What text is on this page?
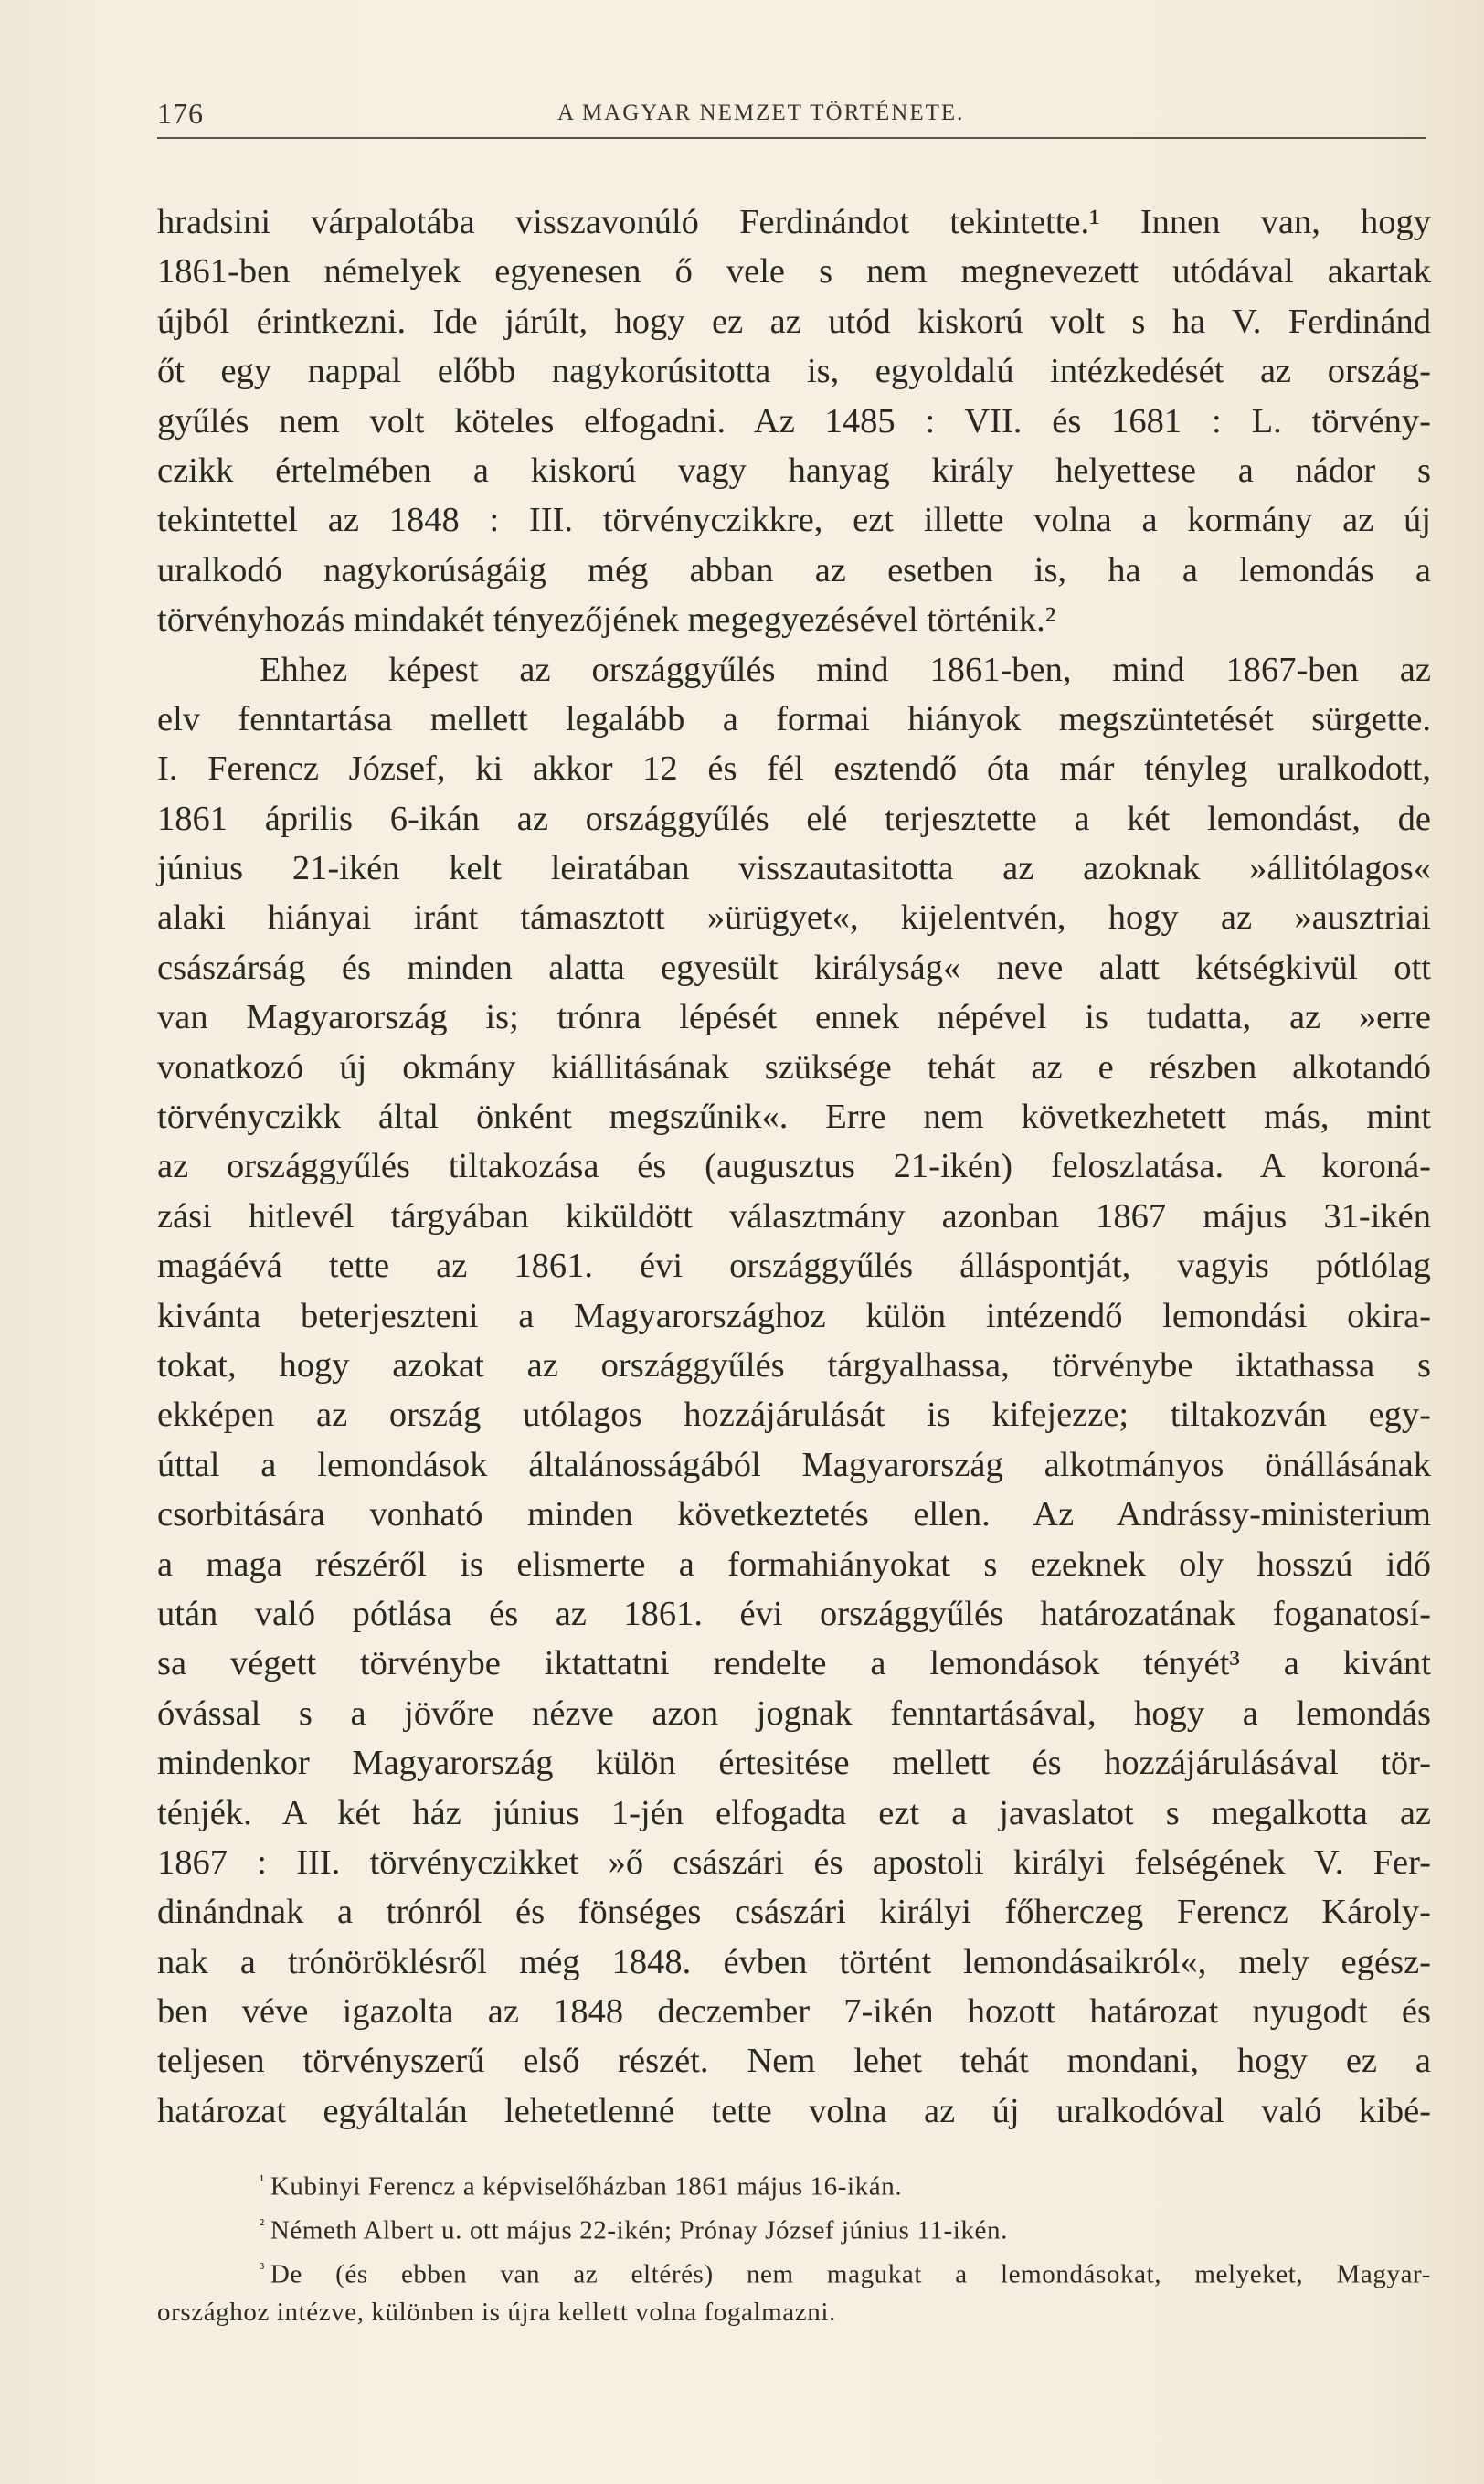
176	A MAGYAR NEMZET TÖRTÉNETE.
hradsini várpalotába visszavonúló Ferdinándot tekintette.¹ Innen van, hogy
1861-ben némelyek egyenesen ő vele s nem megnevezett utódával akartak
újból érintkezni. Ide járúlt, hogy ez az utód kiskorú volt s ha V. Ferdinánd
őt egy nappal előbb nagykorúsitotta is, egyoldalú intézkedését az ország-
gyűlés nem volt köteles elfogadni. Az 1485 : VII. és 1681 : L. törvény-
czikk értelmében a kiskorú vagy hanyag király helyettese a nádor s
tekintettel az 1848 : III. törvényczikkre, ezt illette volna a kormány az új
uralkodó nagykorúságáig még abban az esetben is, ha a lemondás a
törvényhozás mindakét tényezőjének megegyezésével történik.²
Ehhez képest az országgyűlés mind 1861-ben, mind 1867-ben az
elv fenntartása mellett legalább a formai hiányok megszüntetését sürgette.
I. Ferencz József, ki akkor 12 és fél esztendő óta már tényleg uralkodott,
1861 április 6-ikán az országgyűlés elé terjesztette a két lemondást, de
június 21-ikén kelt leiratában visszautasitotta az azoknak »állitólagos«
alaki hiányai iránt támasztott »ürügyet«, kijelentvén, hogy az »ausztriai
császárság és minden alatta egyesült királyság« neve alatt kétségkivül ott
van Magyarország is; trónra lépését ennek népével is tudatta, az »erre
vonatkozó új okmány kiállitásának szüksége tehát az e részben alkotandó
törvényczikk által önként megszűnik«. Erre nem következhetett más, mint
az országgyűlés tiltakozása és (augusztus 21-ikén) feloszlatása. A koroná-
zási hitlevél tárgyában kiküldött választmány azonban 1867 május 31-ikén
magáévá tette az 1861. évi országgyűlés álláspontját, vagyis pótlólag
kivánta beterjeszteni a Magyarországhoz külön intézendő lemondási okira-
tokat, hogy azokat az országgyűlés tárgyalhassa, törvénybe iktathassa s
ekképen az ország utólagos hozzájárulását is kifejezze; tiltakozván egy-
úttal a lemondások általánosságából Magyarország alkotmányos önállásának
csorbitására vonható minden következtetés ellen. Az Andrássy-ministerium
a maga részéről is elismerte a formahiányokat s ezeknek oly hosszú idő
után való pótlása és az 1861. évi országgyűlés határozatának foganatosí-
sa végett törvénybe iktattatni rendelte a lemondások tényét³ a kivánt
óvással s a jövőre nézve azon jognak fenntartásával, hogy a lemondás
mindenkor Magyarország külön értesitése mellett és hozzájárulásával tör-
ténjék. A két ház június 1-jén elfogadta ezt a javaslatot s megalkotta az
1867 : III. törvényczikket »ő császári és apostoli királyi felségének V. Fer-
dinándnak a trónról és fönséges császári királyi főherczeg Ferencz Károly-
nak a trónöröklésről még 1848. évben történt lemondásaikról«, mely egész-
ben véve igazolta az 1848 deczember 7-ikén hozott határozat nyugodt és
teljesen törvényszerű első részét. Nem lehet tehát mondani, hogy ez a
határozat egyáltalán lehetetlenné tette volna az új uralkodóval való kibé-
$^{^1}$ Kubinyi Ferencz a képviselőházban 1861 május 16-ikán.
$^{^2}$ Németh Albert u. ott május 22-ikén; Prónay József június 11-ikén.
$^{^3}$ De (és ebben van az eltérés) nem magukat a lemondásokat, melyeket, Magyar-
országhoz intézve, különben is újra kellett volna fogalmazni.
